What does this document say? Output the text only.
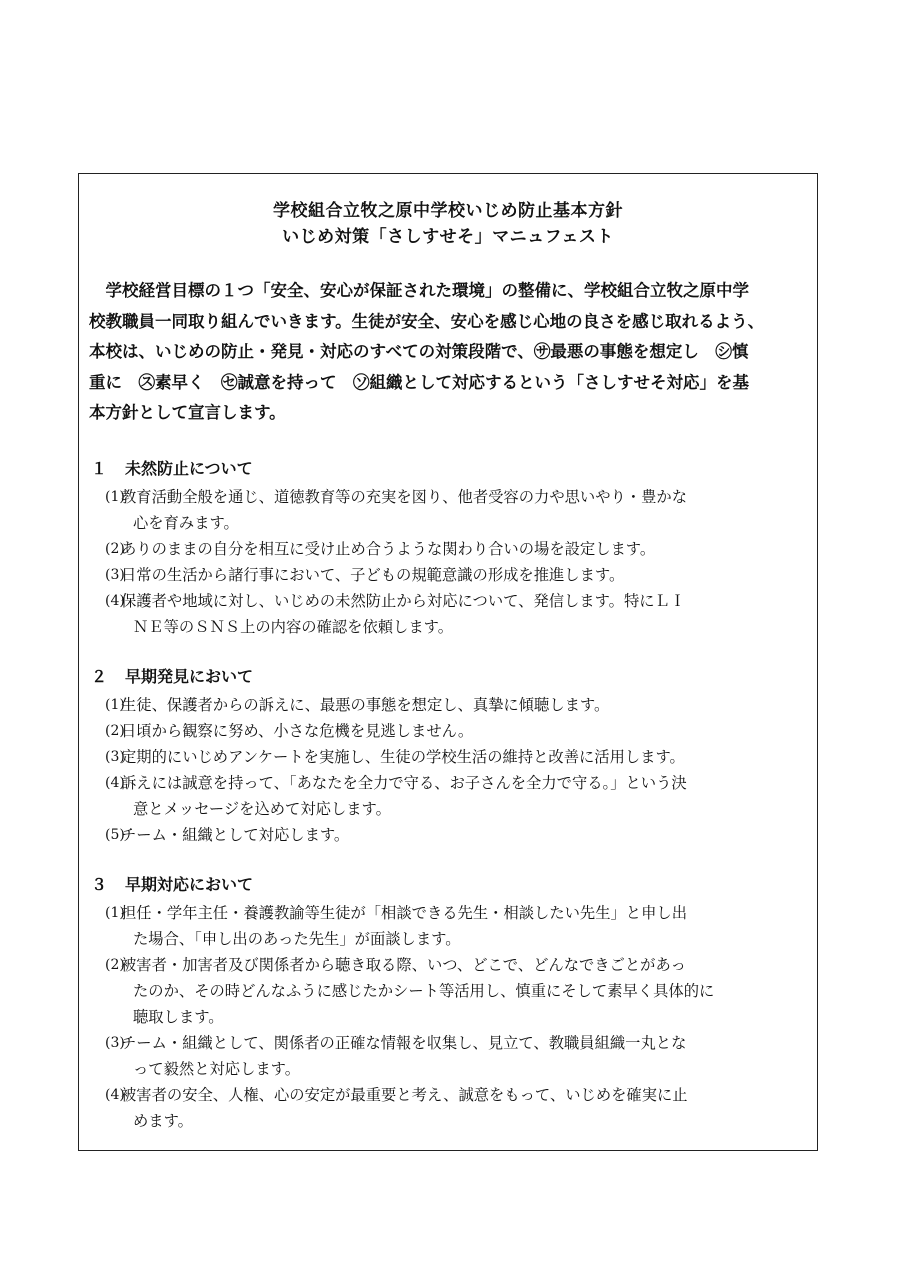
学校組合立牧之原中学校いじめ防止基本方針
いじめ対策「さしすせそ」マニュフェスト

　学校経営目標の１つ「安全、安心が保証された環境」の整備に、学校組合立牧之原中学

校教職員一同取り組んでいきます。生徒が安全、安心を感じ心地の良さを感じ取れるよう、

本校は、いじめの防止・発見・対応のすべての対策段階で、㋚最悪の事態を想定し　㋛慎

重に　㋜素早く　㋝誠意を持って　㋞組織として対応するという「さしすせそ対応」を基

本方針として宣言します。

１ 未然防止について
(1)
教育活動全般を通じ、道徳教育等の充実を図り、他者受容の力や思いやり・豊かな
心を育みます。
(2)
ありのままの自分を相互に受け止め合うような関わり合いの場を設定します。
(3)
日常の生活から諸行事において、子どもの規範意識の形成を推進します。
(4)
保護者や地域に対し、いじめの未然防止から対応について、発信します。特にＬＩ
ＮＥ等のＳＮＳ上の内容の確認を依頼します。
２ 早期発見において
(1)
生徒、保護者からの訴えに、最悪の事態を想定し、真摯に傾聴します。
(2)
日頃から観察に努め、小さな危機を見逃しません。
(3)
定期的にいじめアンケートを実施し、生徒の学校生活の維持と改善に活用します。
(4)
訴えには誠意を持って、「あなたを全力で守る、お子さんを全力で守る。」という決
意とメッセージを込めて対応します。
(5)
チーム・組織として対応します。
３ 早期対応において
(1)
担任・学年主任・養護教諭等生徒が「相談できる先生・相談したい先生」と申し出
た場合、「申し出のあった先生」が面談します。
(2)
被害者・加害者及び関係者から聴き取る際、いつ、どこで、どんなできごとがあっ
たのか、その時どんなふうに感じたかシート等活用し、慎重にそして素早く具体的に
聴取します。
(3)
チーム・組織として、関係者の正確な情報を収集し、見立て、教職員組織一丸とな
って毅然と対応します。
(4)
被害者の安全、人権、心の安定が最重要と考え、誠意をもって、いじめを確実に止
めます。
